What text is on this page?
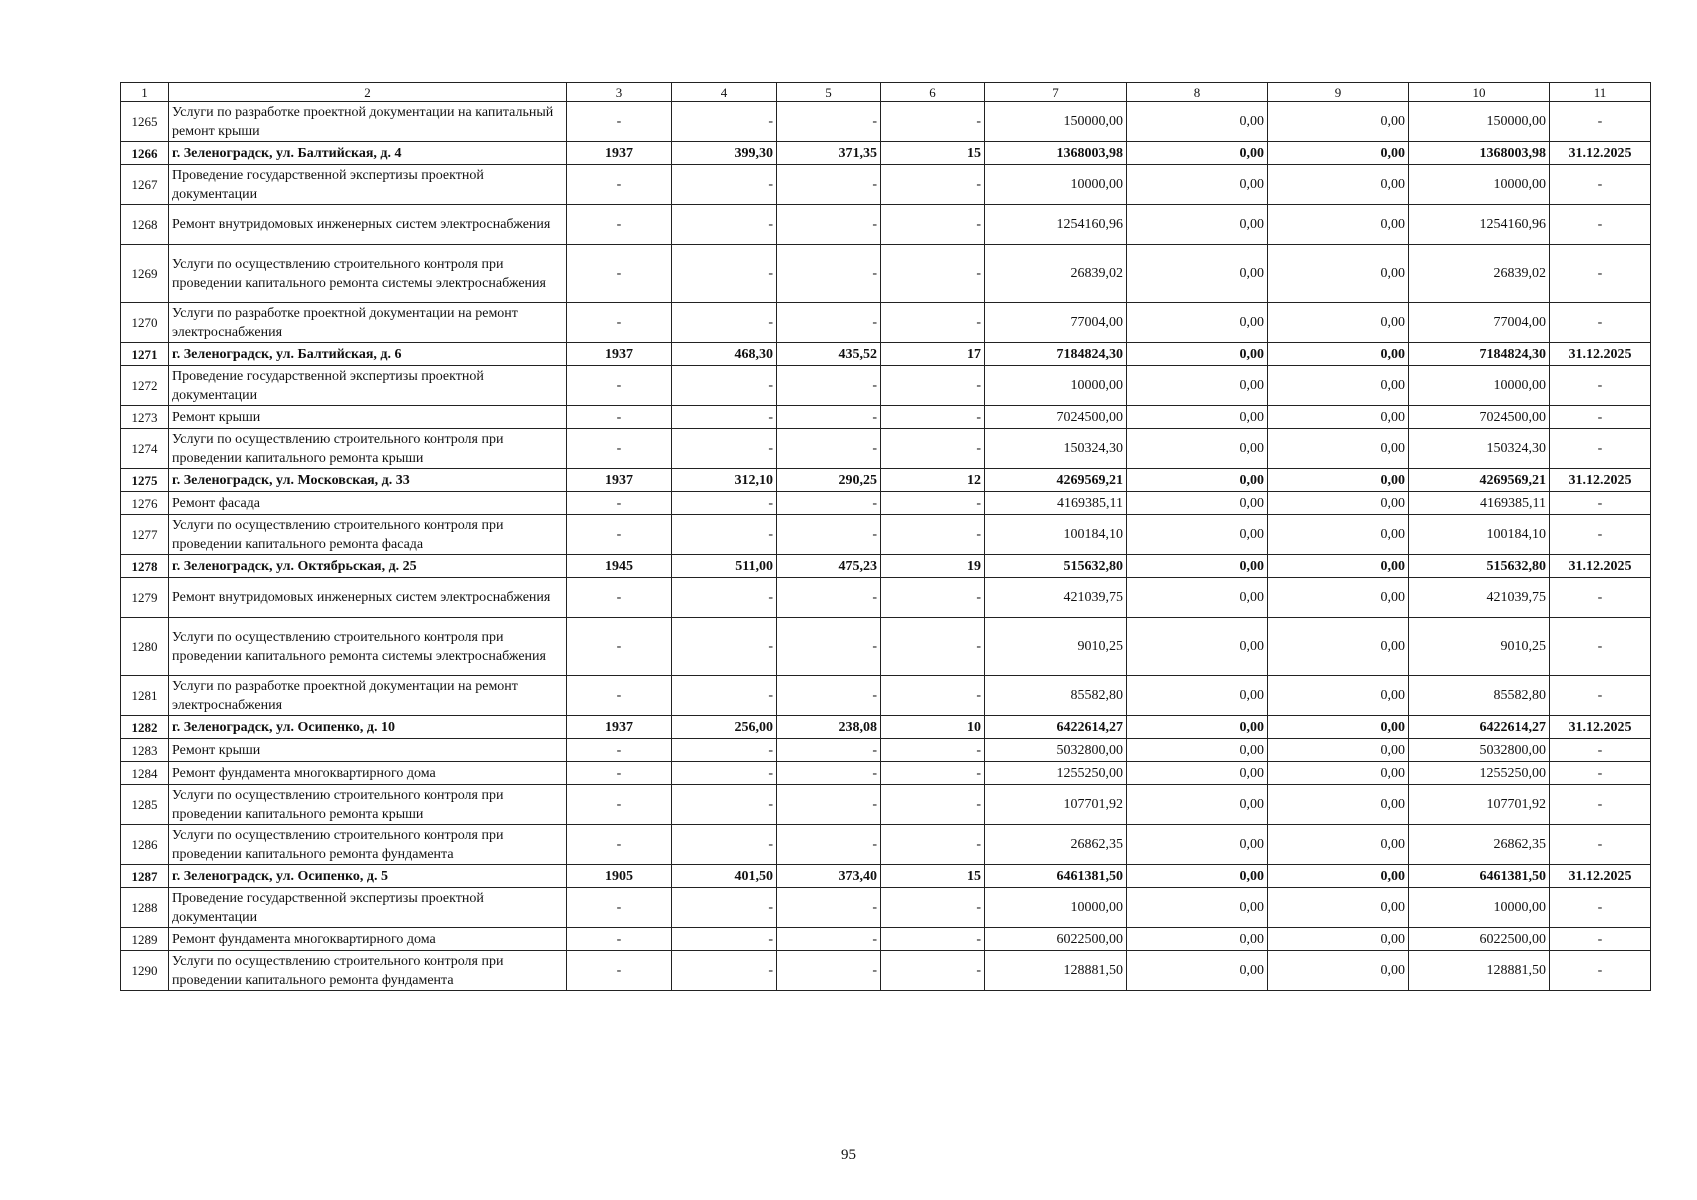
1	2	3	4	5	6	7	8	9	10	11
1265	Услуги по разработке проектной документации на капитальный ремонт крыши	-	-	-	-	150000,00	0,00	0,00	150000,00	-
1266	г. Зеленоградск, ул. Балтийская, д. 4	1937	399,30	371,35	15	1368003,98	0,00	0,00	1368003,98	31.12.2025
1267	Проведение государственной экспертизы проектной документации	-	-	-	-	10000,00	0,00	0,00	10000,00	-
1268	Ремонт внутридомовых инженерных систем электроснабжения	-	-	-	-	1254160,96	0,00	0,00	1254160,96	-
1269	Услуги по осуществлению строительного контроля при проведении капитального ремонта системы электроснабжения	-	-	-	-	26839,02	0,00	0,00	26839,02	-
1270	Услуги по разработке проектной документации на ремонт электроснабжения	-	-	-	-	77004,00	0,00	0,00	77004,00	-
1271	г. Зеленоградск, ул. Балтийская, д. 6	1937	468,30	435,52	17	7184824,30	0,00	0,00	7184824,30	31.12.2025
1272	Проведение государственной экспертизы проектной документации	-	-	-	-	10000,00	0,00	0,00	10000,00	-
1273	Ремонт крыши	-	-	-	-	7024500,00	0,00	0,00	7024500,00	-
1274	Услуги по осуществлению строительного контроля при проведении капитального ремонта крыши	-	-	-	-	150324,30	0,00	0,00	150324,30	-
1275	г. Зеленоградск, ул. Московская, д. 33	1937	312,10	290,25	12	4269569,21	0,00	0,00	4269569,21	31.12.2025
1276	Ремонт фасада	-	-	-	-	4169385,11	0,00	0,00	4169385,11	-
1277	Услуги по осуществлению строительного контроля при проведении капитального ремонта фасада	-	-	-	-	100184,10	0,00	0,00	100184,10	-
1278	г. Зеленоградск, ул. Октябрьская, д. 25	1945	511,00	475,23	19	515632,80	0,00	0,00	515632,80	31.12.2025
1279	Ремонт внутридомовых инженерных систем электроснабжения	-	-	-	-	421039,75	0,00	0,00	421039,75	-
1280	Услуги по осуществлению строительного контроля при проведении капитального ремонта системы электроснабжения	-	-	-	-	9010,25	0,00	0,00	9010,25	-
1281	Услуги по разработке проектной документации на ремонт электроснабжения	-	-	-	-	85582,80	0,00	0,00	85582,80	-
1282	г. Зеленоградск, ул. Осипенко, д. 10	1937	256,00	238,08	10	6422614,27	0,00	0,00	6422614,27	31.12.2025
1283	Ремонт крыши	-	-	-	-	5032800,00	0,00	0,00	5032800,00	-
1284	Ремонт фундамента многоквартирного дома	-	-	-	-	1255250,00	0,00	0,00	1255250,00	-
1285	Услуги по осуществлению строительного контроля при проведении капитального ремонта крыши	-	-	-	-	107701,92	0,00	0,00	107701,92	-
1286	Услуги по осуществлению строительного контроля при проведении капитального ремонта фундамента	-	-	-	-	26862,35	0,00	0,00	26862,35	-
1287	г. Зеленоградск, ул. Осипенко, д. 5	1905	401,50	373,40	15	6461381,50	0,00	0,00	6461381,50	31.12.2025
1288	Проведение государственной экспертизы проектной документации	-	-	-	-	10000,00	0,00	0,00	10000,00	-
1289	Ремонт фундамента многоквартирного дома	-	-	-	-	6022500,00	0,00	0,00	6022500,00	-
1290	Услуги по осуществлению строительного контроля при проведении капитального ремонта фундамента	-	-	-	-	128881,50	0,00	0,00	128881,50	-
95
